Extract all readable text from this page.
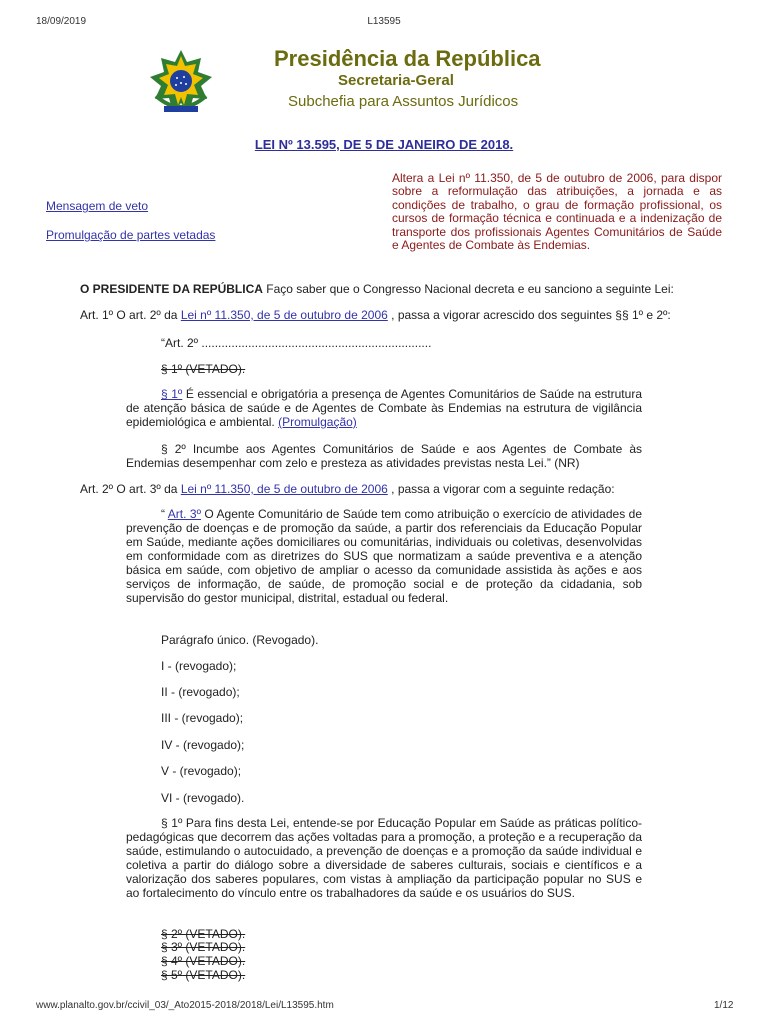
18/09/2019	L13595
Presidência da República
Secretaria-Geral
Subchefia para Assuntos Jurídicos
LEI Nº 13.595, DE 5 DE JANEIRO DE 2018.
Mensagem de veto
Promulgação de partes vetadas
Altera a Lei nº 11.350, de 5 de outubro de 2006, para dispor sobre a reformulação das atribuições, a jornada e as condições de trabalho, o grau de formação profissional, os cursos de formação técnica e continuada e a indenização de transporte dos profissionais Agentes Comunitários de Saúde e Agentes de Combate às Endemias.
O PRESIDENTE DA REPÚBLICA Faço saber que o Congresso Nacional decreta e eu sanciono a seguinte Lei:
Art. 1º O art. 2º da Lei nº 11.350, de 5 de outubro de 2006 , passa a vigorar acrescido dos seguintes §§ 1º e 2º:
“Art. 2º .....................................................................
§ 1º (VETADO).
§ 1º É essencial e obrigatória a presença de Agentes Comunitários de Saúde na estrutura de atenção básica de saúde e de Agentes de Combate às Endemias na estrutura de vigilância epidemiológica e ambiental. (Promulgação)
§ 2º Incumbe aos Agentes Comunitários de Saúde e aos Agentes de Combate às Endemias desempenhar com zelo e presteza as atividades previstas nesta Lei.” (NR)
Art. 2º O art. 3º da Lei nº 11.350, de 5 de outubro de 2006 , passa a vigorar com a seguinte redação:
“ Art. 3º O Agente Comunitário de Saúde tem como atribuição o exercício de atividades de prevenção de doenças e de promoção da saúde, a partir dos referenciais da Educação Popular em Saúde, mediante ações domiciliares ou comunitárias, individuais ou coletivas, desenvolvidas em conformidade com as diretrizes do SUS que normatizam a saúde preventiva e a atenção básica em saúde, com objetivo de ampliar o acesso da comunidade assistida às ações e aos serviços de informação, de saúde, de promoção social e de proteção da cidadania, sob supervisão do gestor municipal, distrital, estadual ou federal.
Parágrafo único. (Revogado).
I - (revogado);
II - (revogado);
III - (revogado);
IV - (revogado);
V - (revogado);
VI - (revogado).
§ 1º Para fins desta Lei, entende-se por Educação Popular em Saúde as práticas político-pedagógicas que decorrem das ações voltadas para a promoção, a proteção e a recuperação da saúde, estimulando o autocuidado, a prevenção de doenças e a promoção da saúde individual e coletiva a partir do diálogo sobre a diversidade de saberes culturais, sociais e científicos e a valorização dos saberes populares, com vistas à ampliação da participação popular no SUS e ao fortalecimento do vínculo entre os trabalhadores da saúde e os usuários do SUS.
§ 2º (VETADO).
§ 3º (VETADO).
§ 4º (VETADO).
§ 5º (VETADO).
www.planalto.gov.br/ccivil_03/_Ato2015-2018/2018/Lei/L13595.htm	1/12
